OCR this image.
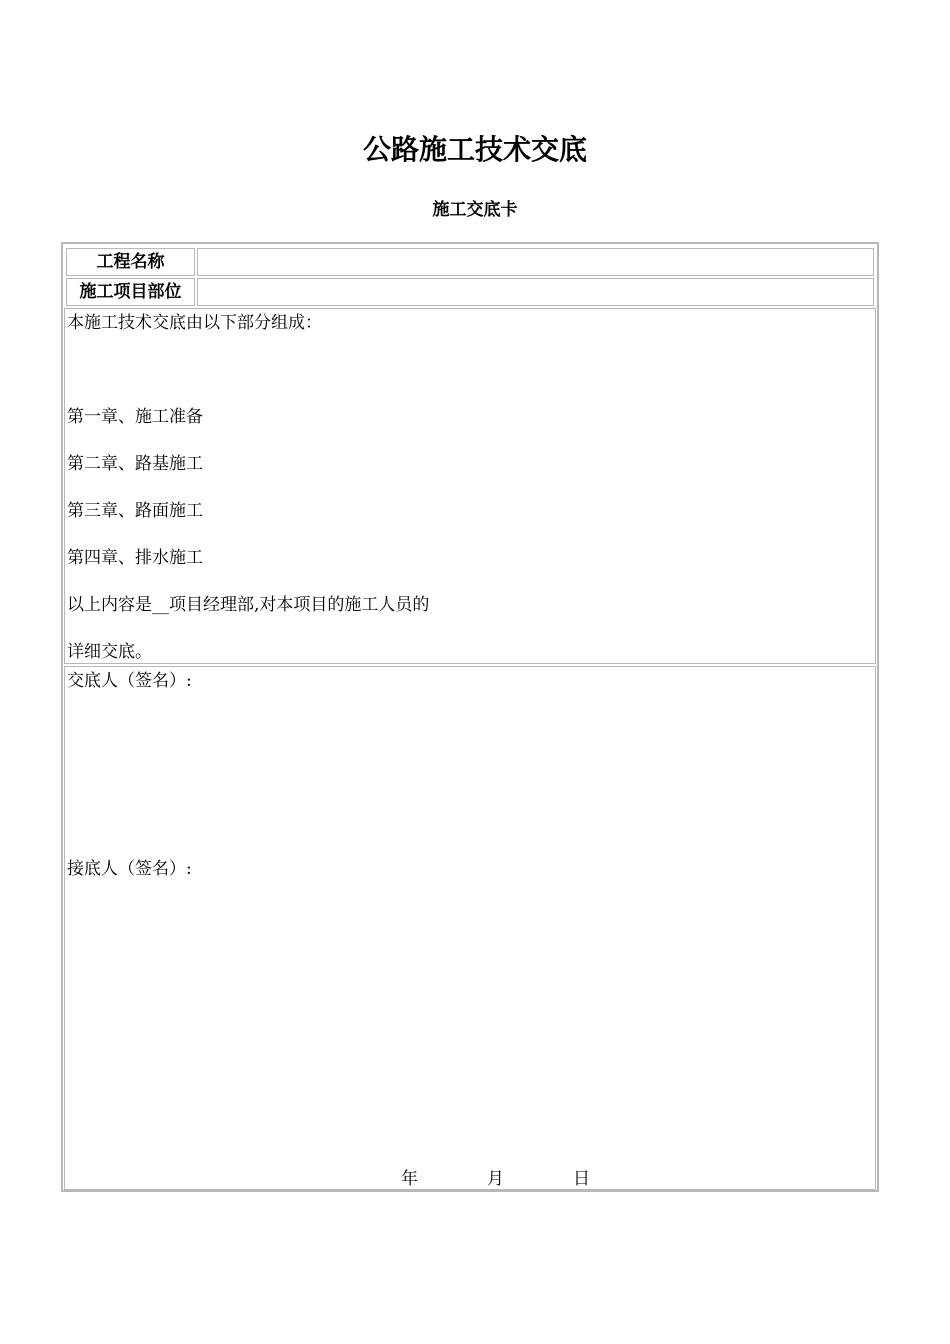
公路施工技术交底
施工交底卡
工程名称
施工项目部位

本施工技术交底由以下部分组成：

第一章、施工准备

第二章、路基施工

第三章、路面施工

第四章、排水施工

以上内容是__项目经理部,对本项目的施工人员的

详细交底。

交底人（签名）:

接底人（签名）:

年	月	日
